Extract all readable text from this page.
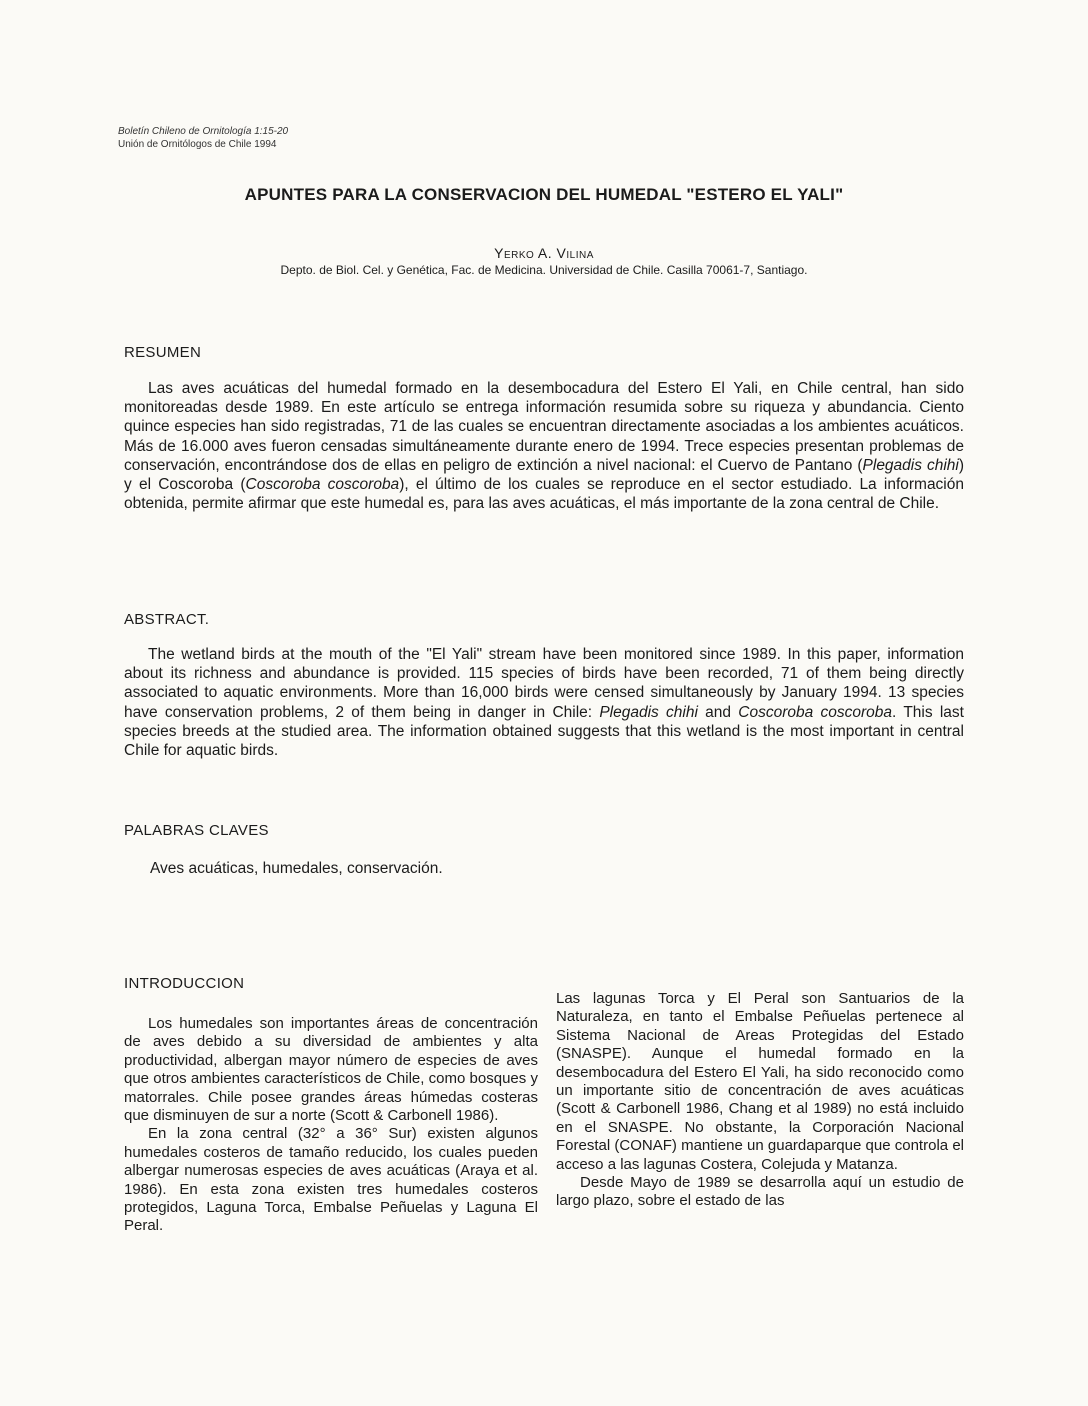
Boletín Chileno de Ornitología 1:15-20
Unión de Ornitólogos de Chile 1994
APUNTES PARA LA CONSERVACION DEL HUMEDAL "ESTERO EL YALI"
Yerko A. Vilina
Depto. de Biol. Cel. y Genética, Fac. de Medicina. Universidad de Chile. Casilla 70061-7, Santiago.
RESUMEN

Las aves acuáticas del humedal formado en la desembocadura del Estero El Yali, en Chile central, han sido monitoreadas desde 1989. En este artículo se entrega información resumida sobre su riqueza y abundancia. Ciento quince especies han sido registradas, 71 de las cuales se encuentran directamente asociadas a los ambientes acuáticos. Más de 16.000 aves fueron censadas simultáneamente durante enero de 1994. Trece especies presentan problemas de conservación, encontrándose dos de ellas en peligro de extinción a nivel nacional: el Cuervo de Pantano (Plegadis chihi) y el Coscoroba (Coscoroba coscoroba), el último de los cuales se reproduce en el sector estudiado. La información obtenida, permite afirmar que este humedal es, para las aves acuáticas, el más importante de la zona central de Chile.

ABSTRACT.

The wetland birds at the mouth of the "El Yali" stream have been monitored since 1989. In this paper, information about its richness and abundance is provided. 115 species of birds have been recorded, 71 of them being directly associated to aquatic environments. More than 16,000 birds were censed simultaneously by January 1994. 13 species have conservation problems, 2 of them being in danger in Chile: Plegadis chihi and Coscoroba coscoroba. This last species breeds at the studied area. The information obtained suggests that this wetland is the most important in central Chile for aquatic birds.

PALABRAS CLAVES
Aves acuáticas, humedales, conservación.
INTRODUCCION

Los humedales son importantes áreas de concentración de aves debido a su diversidad de ambientes y alta productividad, albergan mayor número de especies de aves que otros ambientes característicos de Chile, como bosques y matorrales. Chile posee grandes áreas húmedas costeras que disminuyen de sur a norte (Scott & Carbonell 1986).

En la zona central (32° a 36° Sur) existen algunos humedales costeros de tamaño reducido, los cuales pueden albergar numerosas especies de aves acuáticas (Araya et al. 1986). En esta zona existen tres humedales costeros protegidos, Laguna Torca, Embalse Peñuelas y Laguna El Peral.

Las lagunas Torca y El Peral son Santuarios de la Naturaleza, en tanto el Embalse Peñuelas pertenece al Sistema Nacional de Areas Protegidas del Estado (SNASPE). Aunque el humedal formado en la desembocadura del Estero El Yali, ha sido reconocido como un importante sitio de concentración de aves acuáticas (Scott & Carbonell 1986, Chang et al 1989) no está incluido en el SNASPE. No obstante, la Corporación Nacional Forestal (CONAF) mantiene un guardaparque que controla el acceso a las lagunas Costera, Colejuda y Matanza.

Desde Mayo de 1989 se desarrolla aquí un estudio de largo plazo, sobre el estado de las
